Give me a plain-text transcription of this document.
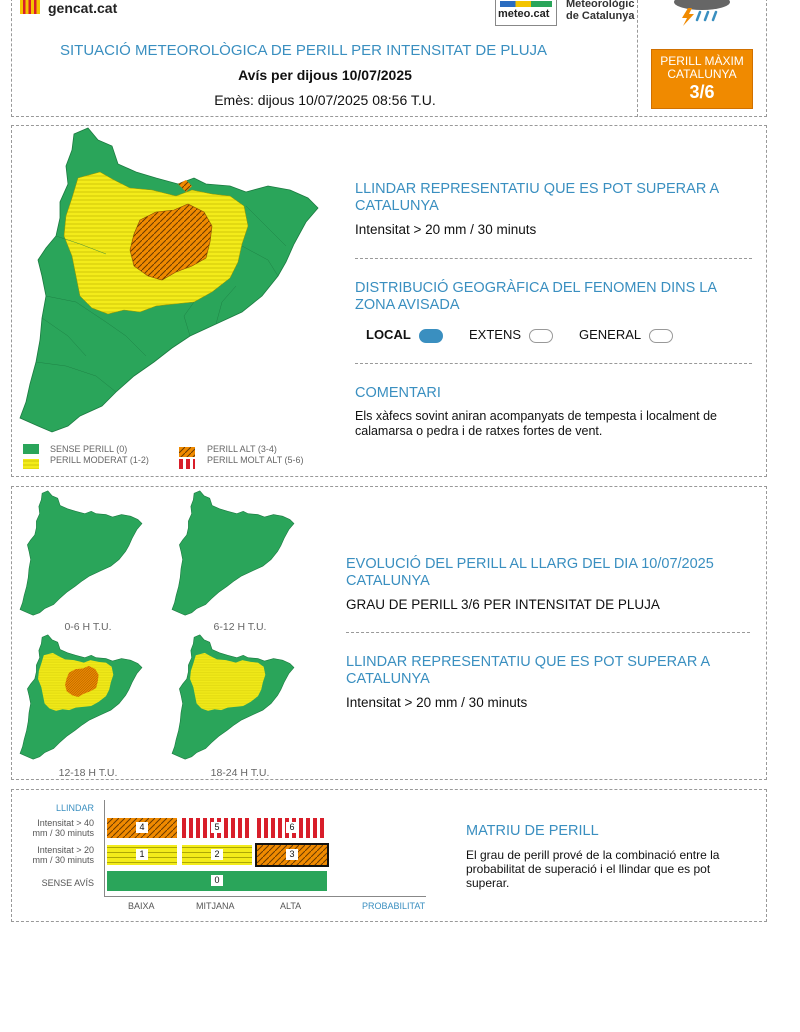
gencat.cat	meteo.cat
Meteorològic
de Catalunya
SITUACIÓ METEOROLÒGICA DE PERILL PER INTENSITAT DE PLUJA
Avís per dijous 10/07/2025
Emès: dijous 10/07/2025 08:56 T.U.
PERILL MÀXIM
CATALUNYA
3/6
SENSE PERILL (0)
PERILL MODERAT (1-2)
PERILL ALT (3-4)
PERILL MOLT ALT (5-6)
LLINDAR REPRESENTATIU QUE ES POT SUPERAR A CATALUNYA
Intensitat > 20 mm / 30 minuts
DISTRIBUCIÓ GEOGRÀFICA DEL FENOMEN DINS LA ZONA AVISADA
LOCAL	EXTENS	GENERAL
COMENTARI
Els xàfecs sovint aniran acompanyats de tempesta i localment de calamarsa o pedra i de ratxes fortes de vent.
0-6 H T.U.	6-12 H T.U.
12-18 H T.U.	18-24 H T.U.
EVOLUCIÓ DEL PERILL AL LLARG DEL DIA 10/07/2025 CATALUNYA
GRAU DE PERILL 3/6 PER INTENSITAT DE PLUJA
LLINDAR REPRESENTATIU QUE ES POT SUPERAR A CATALUNYA
Intensitat > 20 mm / 30 minuts
LLINDAR
Intensitat > 40 mm / 30 minuts
Intensitat > 20 mm / 30 minuts
SENSE AVÍS
4	5	6
1	2	3
0
BAIXA	MITJANA	ALTA	PROBABILITAT
MATRIU DE PERILL
El grau de perill prové de la combinació entre la probabilitat de superació i el llindar que es pot superar.
